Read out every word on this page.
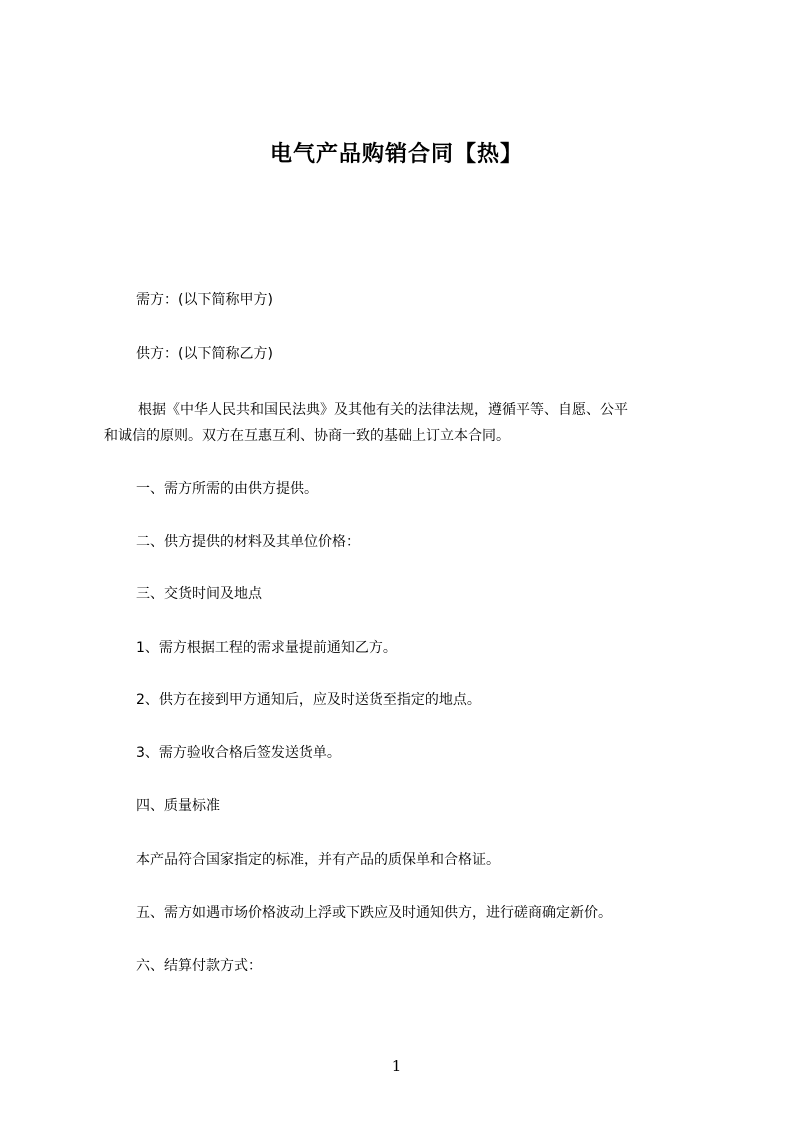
电气产品购销合同【热】
需方：(以下简称甲方)
供方：(以下简称乙方)
根据《中华人民共和国民法典》及其他有关的法律法规，遵循平等、自愿、公平
和诚信的原则。双方在互惠互利、协商一致的基础上订立本合同。
一、需方所需的由供方提供。
二、供方提供的材料及其单位价格：
三、交货时间及地点
1、需方根据工程的需求量提前通知乙方。
2、供方在接到甲方通知后，应及时送货至指定的地点。
3、需方验收合格后签发送货单。
四、质量标准
本产品符合国家指定的标准，并有产品的质保单和合格证。
五、需方如遇市场价格波动上浮或下跌应及时通知供方，进行磋商确定新价。
六、结算付款方式：
1
